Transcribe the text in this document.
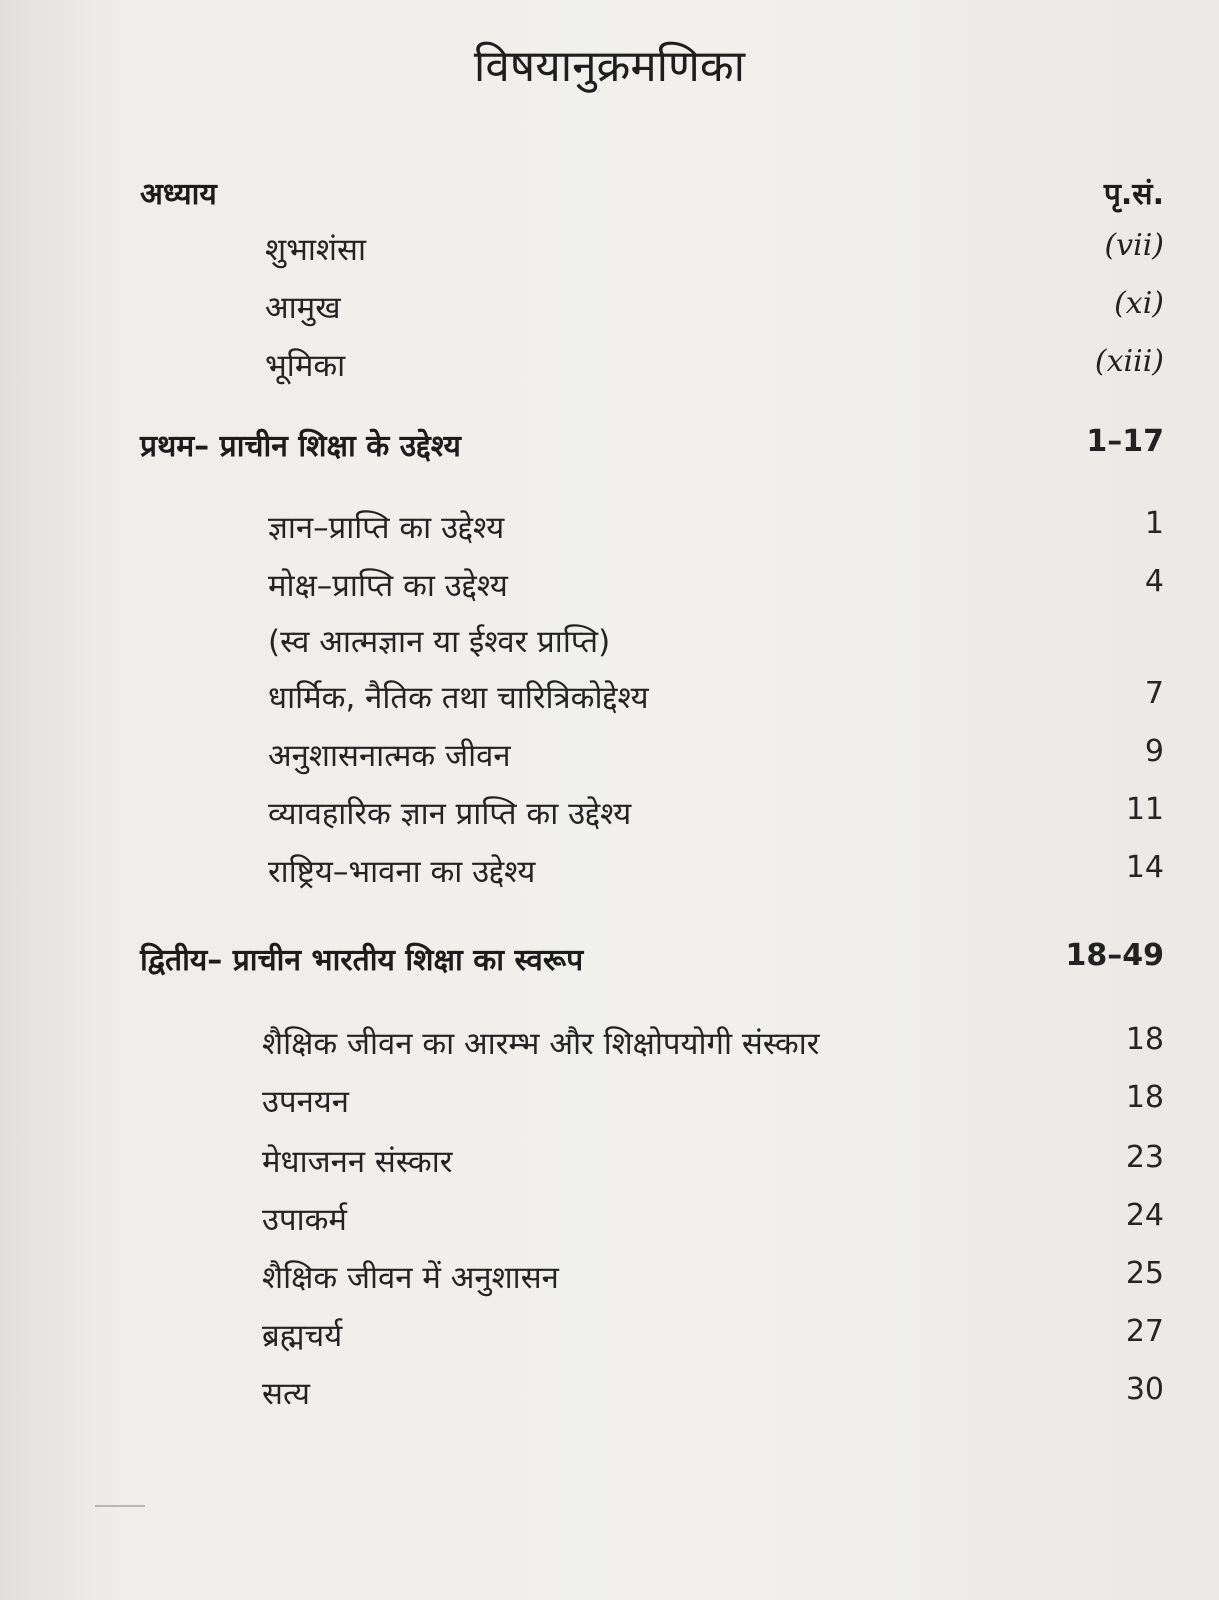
विषयानुक्रमणिका
अध्याय	पृ.सं.
शुभाशंसा	(vii)
आमुख	(xi)
भूमिका	(xiii)
प्रथम– प्राचीन शिक्षा के उद्देश्य	1–17
ज्ञान–प्राप्ति का उद्देश्य	1
मोक्ष–प्राप्ति का उद्देश्य	4
(स्व आत्मज्ञान या ईश्वर प्राप्ति)
धार्मिक, नैतिक तथा चारित्रिकोद्देश्य	7
अनुशासनात्मक जीवन	9
व्यावहारिक ज्ञान प्राप्ति का उद्देश्य	11
राष्ट्रिय–भावना का उद्देश्य	14
द्वितीय– प्राचीन भारतीय शिक्षा का स्वरूप	18–49
शैक्षिक जीवन का आरम्भ और शिक्षोपयोगी संस्कार	18
उपनयन	18
मेधाजनन संस्कार	23
उपाकर्म	24
शैक्षिक जीवन में अनुशासन	25
ब्रह्मचर्य	27
सत्य	30
